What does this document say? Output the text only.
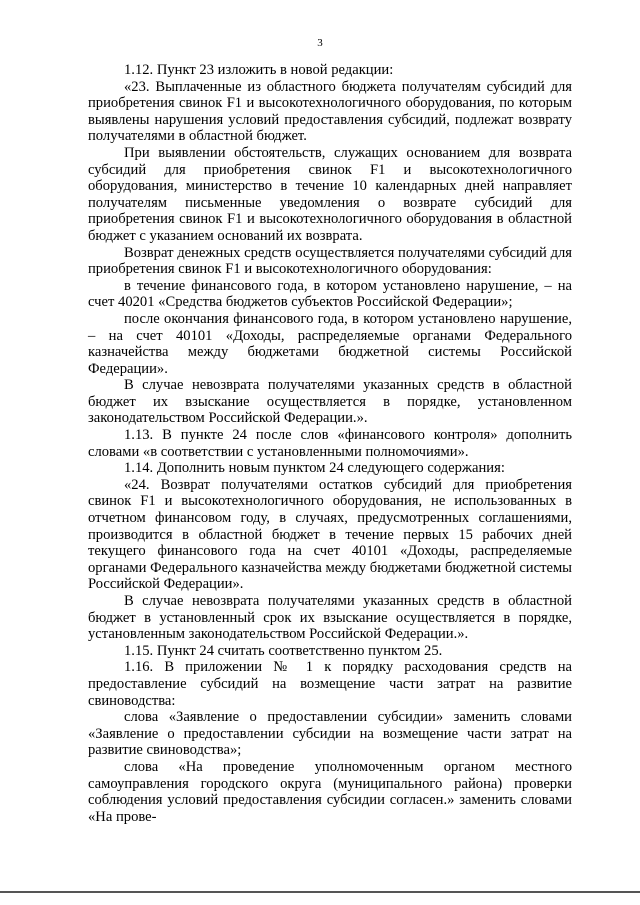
3

1.12. Пункт 23 изложить в новой редакции:

«23. Выплаченные из областного бюджета получателям субсидий для приобретения свинок F1 и высокотехнологичного оборудования, по которым выявлены нарушения условий предоставления субсидий, подлежат возврату получателями в областной бюджет.

При выявлении обстоятельств, служащих основанием для возврата субсидий для приобретения свинок F1 и высокотехнологичного оборудования, министерство в течение 10 календарных дней направляет получателям письменные уведомления о возврате субсидий для приобретения свинок F1 и высокотехнологичного оборудования в областной бюджет с указанием оснований их возврата.

Возврат денежных средств осуществляется получателями субсидий для приобретения свинок F1 и высокотехнологичного оборудования:

в течение финансового года, в котором установлено нарушение, – на счет 40201 «Средства бюджетов субъектов Российской Федерации»;

после окончания финансового года, в котором установлено нарушение, – на счет 40101 «Доходы, распределяемые органами Федерального казначейства между бюджетами бюджетной системы Российской Федерации».

В случае невозврата получателями указанных средств в областной бюджет их взыскание осуществляется в порядке, установленном законодательством Российской Федерации.».

1.13. В пункте 24 после слов «финансового контроля» дополнить словами «в соответствии с установленными полномочиями».

1.14. Дополнить новым пунктом 24 следующего содержания:

«24. Возврат получателями остатков субсидий для приобретения свинок F1 и высокотехнологичного оборудования, не использованных в отчетном финансовом году, в случаях, предусмотренных соглашениями, производится в областной бюджет в течение первых 15 рабочих дней текущего финансового года на счет 40101 «Доходы, распределяемые органами Федерального казначейства между бюджетами бюджетной системы Российской Федерации».

В случае невозврата получателями указанных средств в областной бюджет в установленный срок их взыскание осуществляется в порядке, установленным законодательством Российской Федерации.».

1.15. Пункт 24 считать соответственно пунктом 25.

1.16. В приложении № 1 к порядку расходования средств на предоставление субсидий на возмещение части затрат на развитие свиноводства:

слова «Заявление о предоставлении субсидии» заменить словами «Заявление о предоставлении субсидии на возмещение части затрат на развитие свиноводства»;

слова «На проведение уполномоченным органом местного самоуправления городского округа (муниципального района) проверки соблюдения условий предоставления субсидии согласен.» заменить словами «На прове-
